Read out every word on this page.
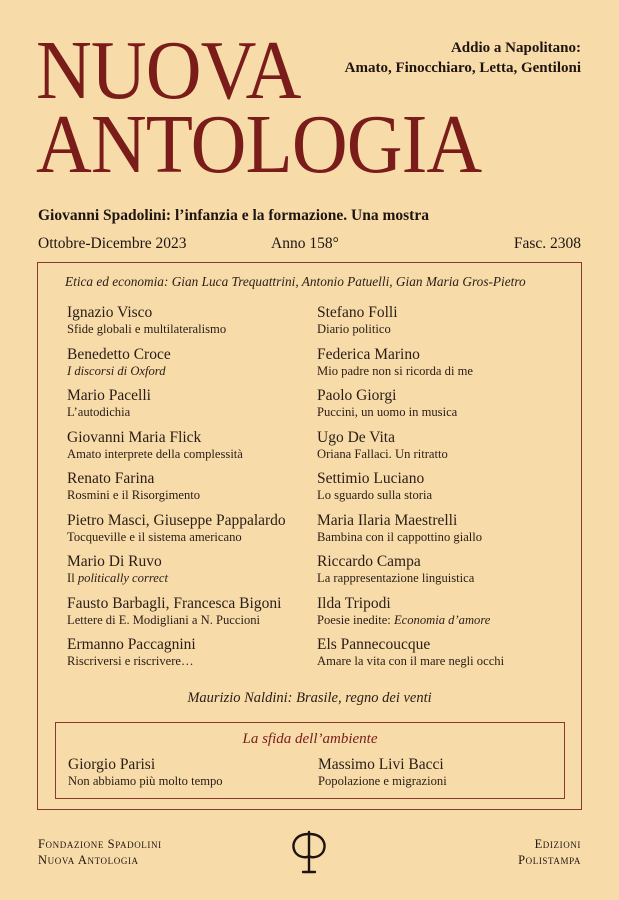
NUOVA
ANTOLOGIA
Addio a Napolitano:
Amato, Finocchiaro, Letta, Gentiloni
Giovanni Spadolini: l’infanzia e la formazione. Una mostra
Ottobre-Dicembre 2023	Anno 158°	Fasc. 2308
Etica ed economia: Gian Luca Trequattrini, Antonio Patuelli, Gian Maria Gros-Pietro
Ignazio Visco
Sfide globali e multilateralismo
Benedetto Croce
I discorsi di Oxford
Mario Pacelli
L’autodichia
Giovanni Maria Flick
Amato interprete della complessità
Renato Farina
Rosmini e il Risorgimento
Pietro Masci, Giuseppe Pappalardo
Tocqueville e il sistema americano
Mario Di Ruvo
Il politically correct
Fausto Barbagli, Francesca Bigoni
Lettere di E. Modigliani a N. Puccioni
Ermanno Paccagnini
Riscriversi e riscrivere…
Stefano Folli
Diario politico
Federica Marino
Mio padre non si ricorda di me
Paolo Giorgi
Puccini, un uomo in musica
Ugo De Vita
Oriana Fallaci. Un ritratto
Settimio Luciano
Lo sguardo sulla storia
Maria Ilaria Maestrelli
Bambina con il cappottino giallo
Riccardo Campa
La rappresentazione linguistica
Ilda Tripodi
Poesie inedite: Economia d’amore
Els Pannecoucque
Amare la vita con il mare negli occhi
Maurizio Naldini: Brasile, regno dei venti
La sfida dell’ambiente
Giorgio Parisi
Non abbiamo più molto tempo
Massimo Livi Bacci
Popolazione e migrazioni
Fondazione Spadolini
Nuova Antologia
Edizioni
Polistampa
